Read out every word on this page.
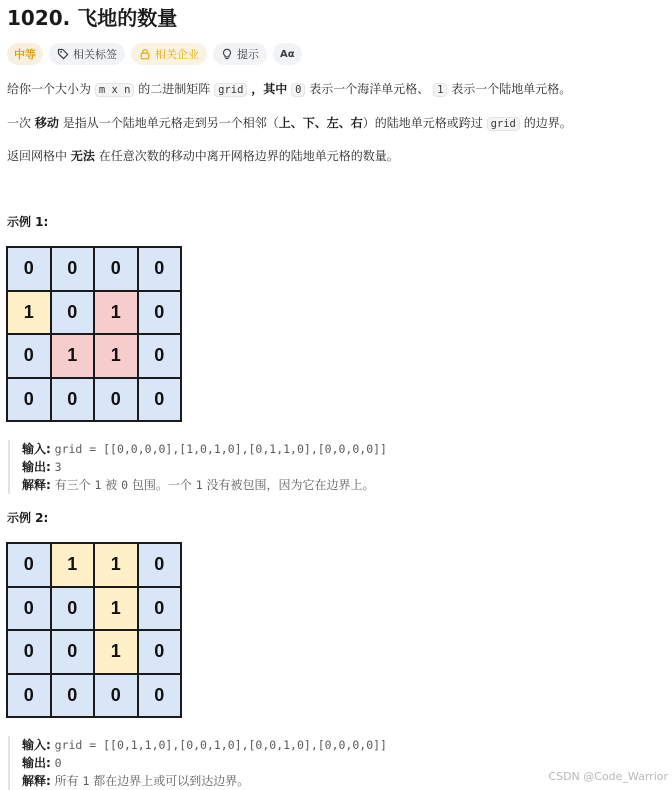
1020. 飞地的数量
中等	相关标签	相关企业	提示 Aα
给你一个大小为 m x n 的二进制矩阵 grid ，其中 0 表示一个海洋单元格、 1 表示一个陆地单元格。
一次 移动 是指从一个陆地单元格走到另一个相邻（上、下、左、右）的陆地单元格或跨过 grid 的边界。
返回网格中 无法 在任意次数的移动中离开网格边界的陆地单元格的数量。
示例 1:
0	0	0	0
1	0	1	0
0	1	1	0
0	0	0	0
输入: grid = [[0,0,0,0],[1,0,1,0],[0,1,1,0],[0,0,0,0]]
输出: 3
解释: 有三个 1 被 0 包围。一个 1 没有被包围，因为它在边界上。
示例 2:
0	1	1	0
0	0	1	0
0	0	1	0
0	0	0	0
输入: grid = [[0,1,1,0],[0,0,1,0],[0,0,1,0],[0,0,0,0]]
输出: 0
解释: 所有 1 都在边界上或可以到达边界。	CSDN @Code_Warrior
